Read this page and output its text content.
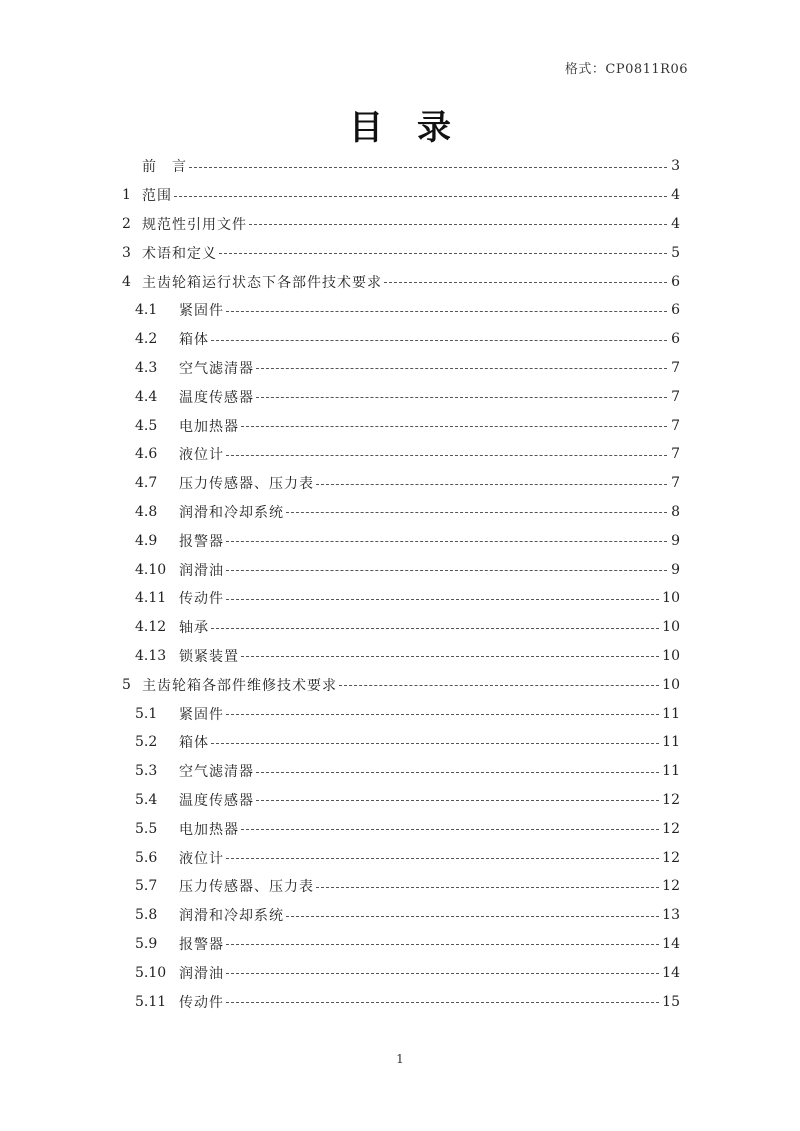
格式：CP0811R06
目录
前　言	3
1 范围	4
2 规范性引用文件	4
3 术语和定义	5
4 主齿轮箱运行状态下各部件技术要求	6
4.1	紧固件	6
4.2	箱体	6
4.3	空气滤清器	7
4.4	温度传感器	7
4.5	电加热器	7
4.6	液位计	7
4.7	压力传感器、压力表	7
4.8	润滑和冷却系统	8
4.9	报警器	9
4.10 润滑油	9
4.11 传动件	10
4.12 轴承	10
4.13 锁紧装置	10
5 主齿轮箱各部件维修技术要求	10
5.1	紧固件	11
5.2	箱体	11
5.3	空气滤清器	11
5.4	温度传感器	12
5.5	电加热器	12
5.6	液位计	12
5.7	压力传感器、压力表	12
5.8	润滑和冷却系统	13
5.9	报警器	14
5.10 润滑油	14
5.11 传动件	15
1
